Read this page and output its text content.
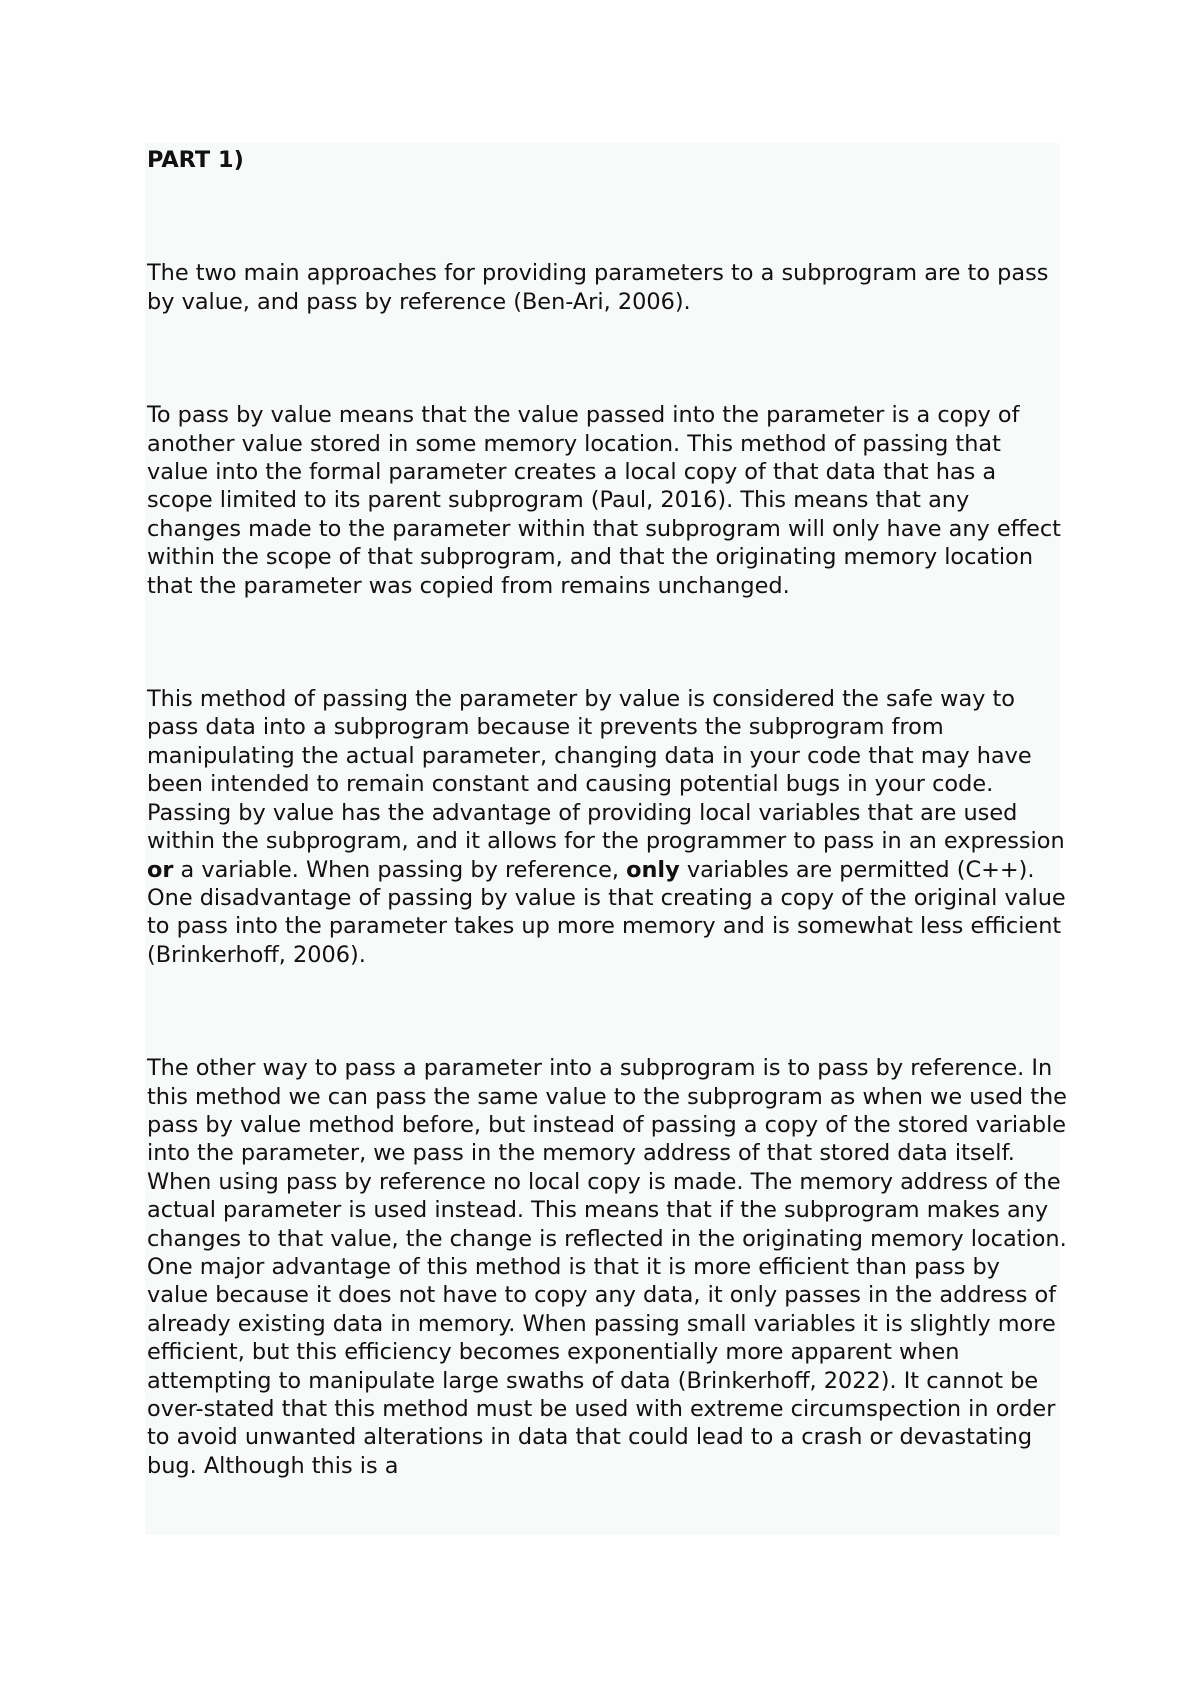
PART 1)

The two main approaches for providing parameters to a subprogram are to pass by value, and pass by reference (Ben-Ari, 2006).

To pass by value means that the value passed into the parameter is a copy of another value stored in some memory location. This method of passing that value into the formal parameter creates a local copy of that data that has a scope limited to its parent subprogram (Paul, 2016). This means that any changes made to the parameter within that subprogram will only have any effect within the scope of that subprogram, and that the originating memory location that the parameter was copied from remains unchanged.

This method of passing the parameter by value is considered the safe way to pass data into a subprogram because it prevents the subprogram from manipulating the actual parameter, changing data in your code that may have been intended to remain constant and causing potential bugs in your code. Passing by value has the advantage of providing local variables that are used within the subprogram, and it allows for the programmer to pass in an expression or a variable. When passing by reference, only variables are permitted (C++). One disadvantage of passing by value is that creating a copy of the original value to pass into the parameter takes up more memory and is somewhat less efficient (Brinkerhoff, 2006).

The other way to pass a parameter into a subprogram is to pass by reference. In this method we can pass the same value to the subprogram as when we used the pass by value method before, but instead of passing a copy of the stored variable into the parameter, we pass in the memory address of that stored data itself. When using pass by reference no local copy is made. The memory address of the actual parameter is used instead. This means that if the subprogram makes any changes to that value, the change is reflected in the originating memory location. One major advantage of this method is that it is more efficient than pass by value because it does not have to copy any data, it only passes in the address of already existing data in memory. When passing small variables it is slightly more efficient, but this efficiency becomes exponentially more apparent when attempting to manipulate large swaths of data (Brinkerhoff, 2022). It cannot be over-stated that this method must be used with extreme circumspection in order to avoid unwanted alterations in data that could lead to a crash or devastating bug. Although this is a
